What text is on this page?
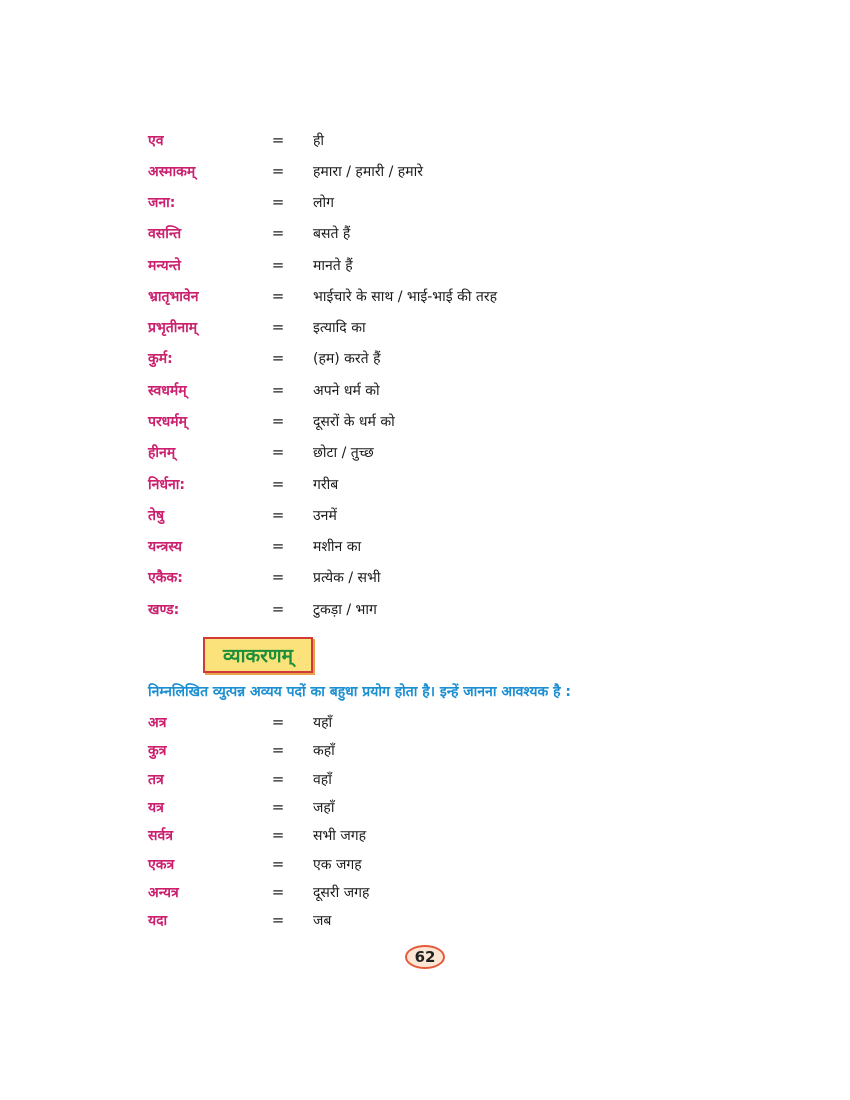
एव	=	ही
अस्माकम्	=	हमारा / हमारी / हमारे
जना:	=	लोग
वसन्ति	=	बसते हैं
मन्यन्ते	=	मानते हैं
भ्रातृभावेन	=	भाईचारे के साथ / भाई-भाई की तरह
प्रभृतीनाम्	=	इत्यादि का
कुर्म:	=	(हम) करते हैं
स्वधर्मम्	=	अपने धर्म को
परधर्मम्	=	दूसरों के धर्म को
हीनम्	=	छोटा / तुच्छ
निर्धना:	=	गरीब
तेषु	=	उनमें
यन्त्रस्य	=	मशीन का
एकैक:	=	प्रत्येक / सभी
खण्ड:	=	टुकड़ा / भाग
व्याकरणम्
निम्नलिखित व्युत्पन्न अव्यय पदों का बहुधा प्रयोग होता है। इन्हें जानना आवश्यक है :
अत्र	=	यहाँ
कुत्र	=	कहाँ
तत्र	=	वहाँ
यत्र	=	जहाँ
सर्वत्र	=	सभी जगह
एकत्र	=	एक जगह
अन्यत्र	=	दूसरी जगह
यदा	=	जब
62
